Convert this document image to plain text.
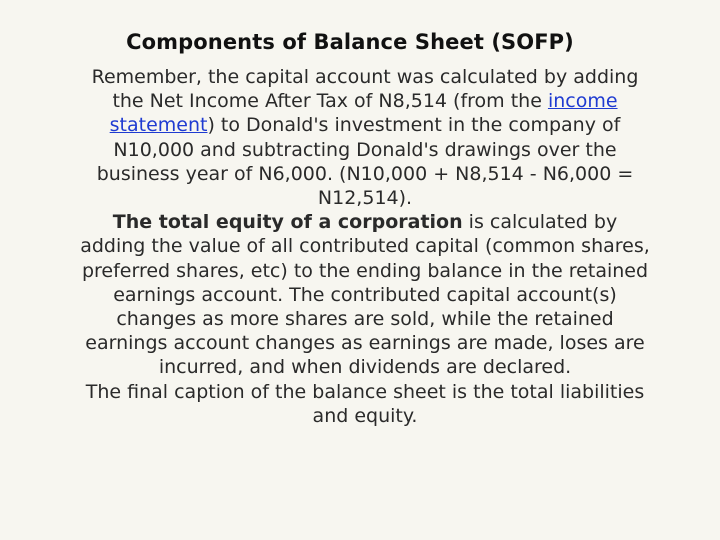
Components of Balance Sheet (SOFP)

Remember, the capital account was calculated by adding the Net Income After Tax of N8,514 (from the income statement) to Donald's investment in the company of N10,000 and subtracting Donald's drawings over the business year of N6,000. (N10,000 + N8,514 - N6,000 = N12,514).

The total equity of a corporation is calculated by adding the value of all contributed capital (common shares, preferred shares, etc) to the ending balance in the retained earnings account. The contributed capital account(s) changes as more shares are sold, while the retained earnings account changes as earnings are made, loses are incurred, and when dividends are declared.

The final caption of the balance sheet is the total liabilities and equity.
